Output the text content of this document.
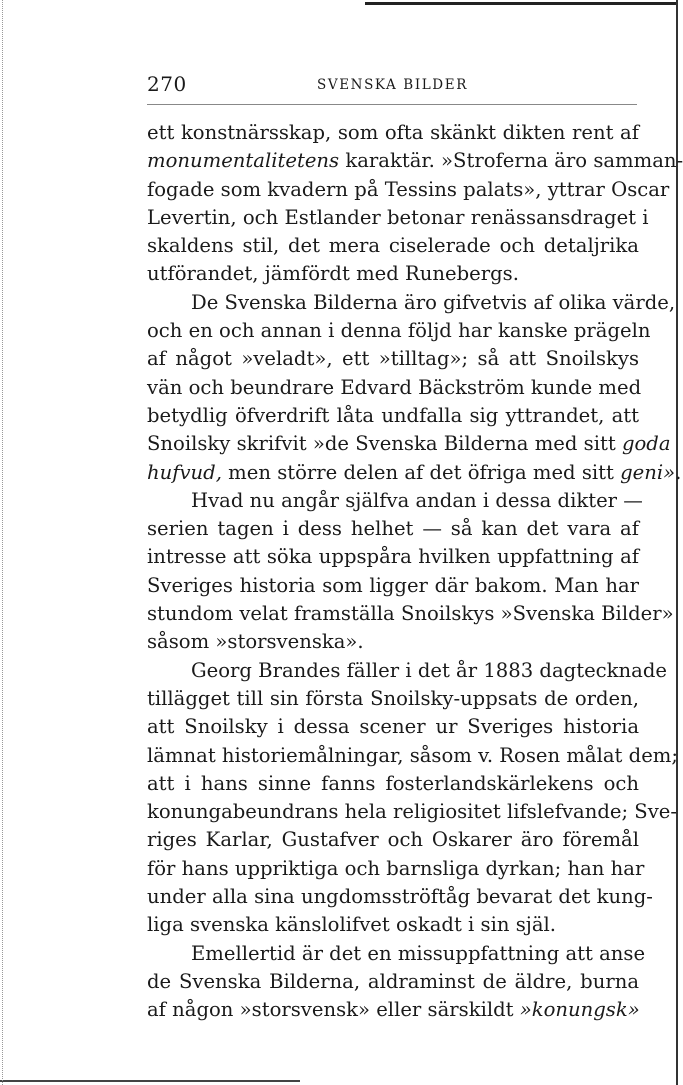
270	SVENSKA BILDER
ett konstnärsskap, som ofta skänkt dikten rent af
monumentalitetens karaktär. »Stroferna äro samman-
fogade som kvadern på Tessins palats», yttrar Oscar
Levertin, och Estlander betonar renässansdraget i
skaldens stil, det mera ciselerade och detaljrika
utförandet, jämfördt med Runebergs.
De Svenska Bilderna äro gifvetvis af olika värde,
och en och annan i denna följd har kanske prägeln
af något »veladt», ett »tilltag»; så att Snoilskys
vän och beundrare Edvard Bäckström kunde med
betydlig öfverdrift låta undfalla sig yttrandet, att
Snoilsky skrifvit »de Svenska Bilderna med sitt goda
hufvud, men större delen af det öfriga med sitt geni».
Hvad nu angår själfva andan i dessa dikter —
serien tagen i dess helhet — så kan det vara af
intresse att söka uppspåra hvilken uppfattning af
Sveriges historia som ligger där bakom. Man har
stundom velat framställa Snoilskys »Svenska Bilder»
såsom »storsvenska».
Georg Brandes fäller i det år 1883 dagtecknade
tillägget till sin första Snoilsky-uppsats de orden,
att Snoilsky i dessa scener ur Sveriges historia
lämnat historiemålningar, såsom v. Rosen målat dem;
att i hans sinne fanns fosterlandskärlekens och
konungabeundrans hela religiositet lifslefvande; Sve-
riges Karlar, Gustafver och Oskarer äro föremål
för hans uppriktiga och barnsliga dyrkan; han har
under alla sina ungdomsströftåg bevarat det kung-
liga svenska känslolifvet oskadt i sin själ.
Emellertid är det en missuppfattning att anse
de Svenska Bilderna, aldraminst de äldre, burna
af någon »storsvensk» eller särskildt »konungsk»
